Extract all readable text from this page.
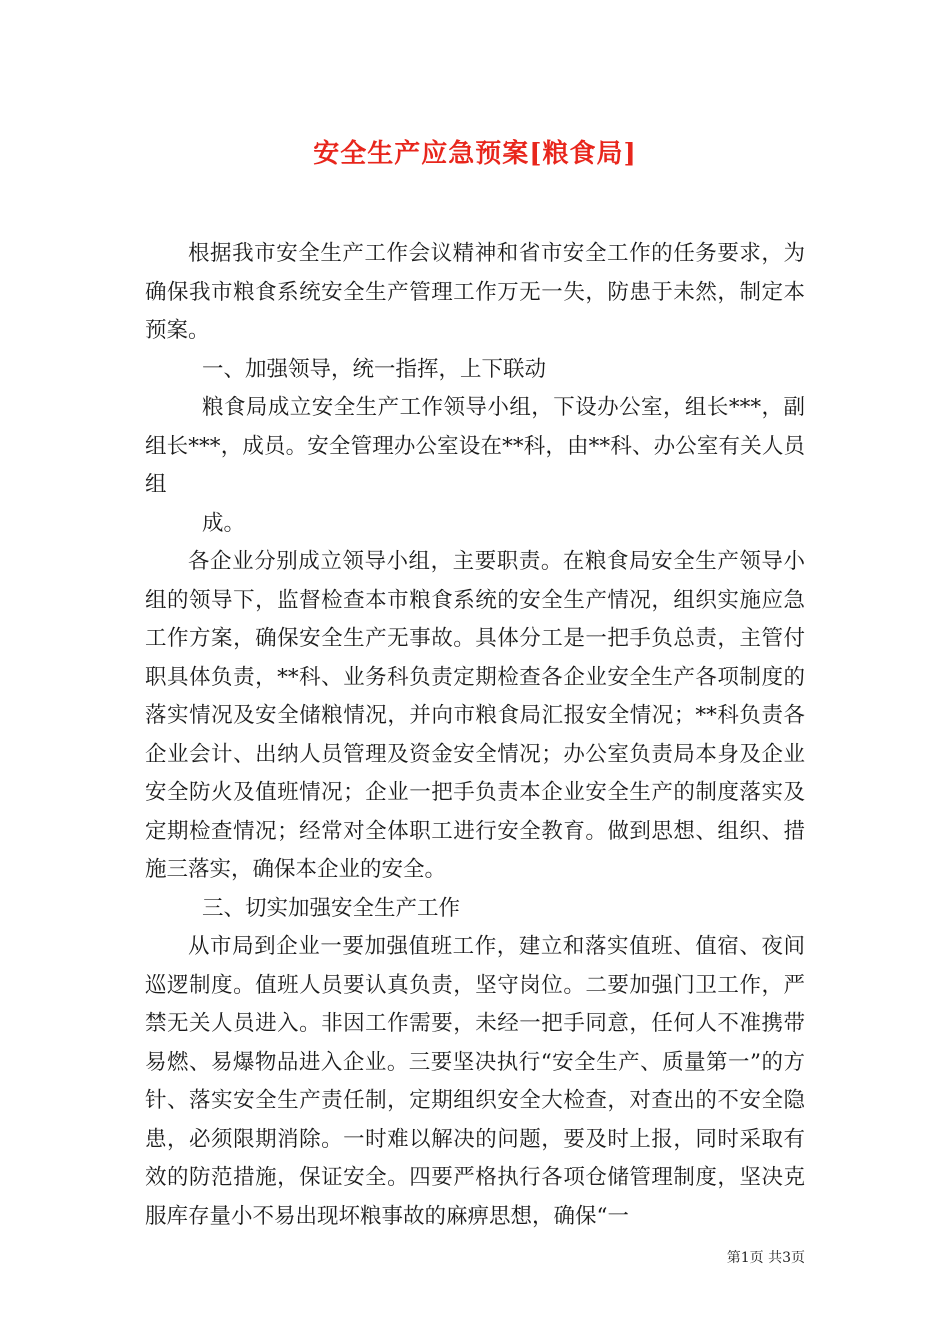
安全生产应急预案[粮食局]

根据我市安全生产工作会议精神和省市安全工作的任务要求，为确保我市粮食系统安全生产管理工作万无一失，防患于未然，制定本预案。

一、加强领导，统一指挥，上下联动

粮食局成立安全生产工作领导小组，下设办公室，组长***，副组长***，成员。安全管理办公室设在**科，由**科、办公室有关人员组

成。

各企业分别成立领导小组，主要职责。在粮食局安全生产领导小组的领导下，监督检查本市粮食系统的安全生产情况，组织实施应急工作方案，确保安全生产无事故。具体分工是一把手负总责，主管付职具体负责，**科、业务科负责定期检查各企业安全生产各项制度的落实情况及安全储粮情况，并向市粮食局汇报安全情况；**科负责各企业会计、出纳人员管理及资金安全情况；办公室负责局本身及企业安全防火及值班情况；企业一把手负责本企业安全生产的制度落实及定期检查情况；经常对全体职工进行安全教育。做到思想、组织、措施三落实，确保本企业的安全。

三、切实加强安全生产工作

从市局到企业一要加强值班工作，建立和落实值班、值宿、夜间巡逻制度。值班人员要认真负责，坚守岗位。二要加强门卫工作，严禁无关人员进入。非因工作需要，未经一把手同意，任何人不准携带易燃、易爆物品进入企业。三要坚决执行“安全生产、质量第一”的方针、落实安全生产责任制，定期组织安全大检查，对查出的不安全隐患，必须限期消除。一时难以解决的问题，要及时上报，同时采取有效的防范措施，保证安全。四要严格执行各项仓储管理制度，坚决克服库存量小不易出现坏粮事故的麻痹思想，确保“一

第1页 共3页
